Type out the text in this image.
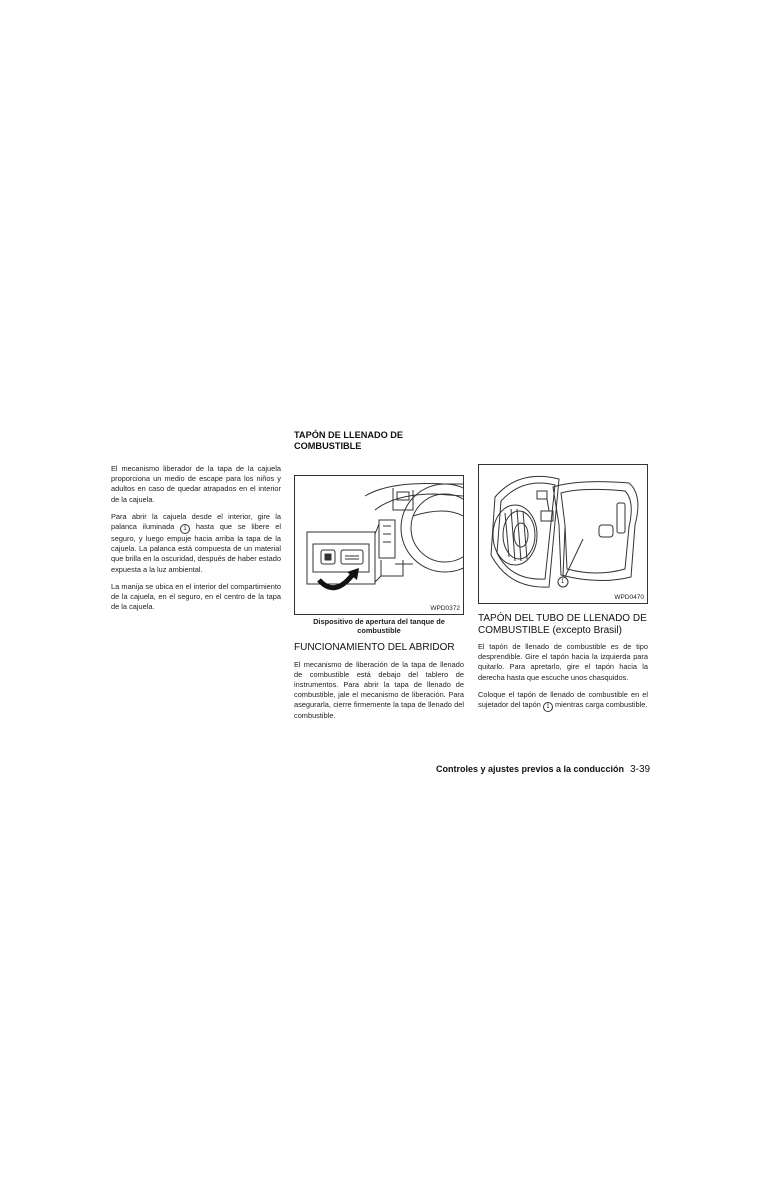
El mecanismo liberador de la tapa de la cajuela proporciona un medio de escape para los niños y adultos en caso de quedar atrapados en el interior de la cajuela.

Para abrir la cajuela desde el interior, gire la palanca iluminada 1 hasta que se libere el seguro, y luego empuje hacia arriba la tapa de la cajuela. La palanca está compuesta de un material que brilla en la oscuridad, después de haber estado expuesta a la luz ambiental.

La manija se ubica en el interior del compartimiento de la cajuela, en el seguro, en el centro de la tapa de la cajuela.

TAPÓN DE LLENADO DE COMBUSTIBLE
WPD0372

Dispositivo de apertura del tanque de combustible

FUNCIONAMIENTO DEL ABRIDOR

El mecanismo de liberación de la tapa de llenado de combustible está debajo del tablero de instrumentos. Para abrir la tapa de llenado de combustible, jale el mecanismo de liberación. Para asegurarla, cierre firmemente la tapa de llenado del combustible.

1
WPD0470
TAPÓN DEL TUBO DE LLENADO DE COMBUSTIBLE (excepto Brasil)

El tapón de llenado de combustible es de tipo desprendible. Gire el tapón hacia la izquierda para quitarlo. Para apretarlo, gire el tapón hacia la derecha hasta que escuche unos chasquidos.

Coloque el tapón de llenado de combustible en el sujetador del tapón 1 mientras carga combustible.

Controles y ajustes previos a la conducción 3-39
